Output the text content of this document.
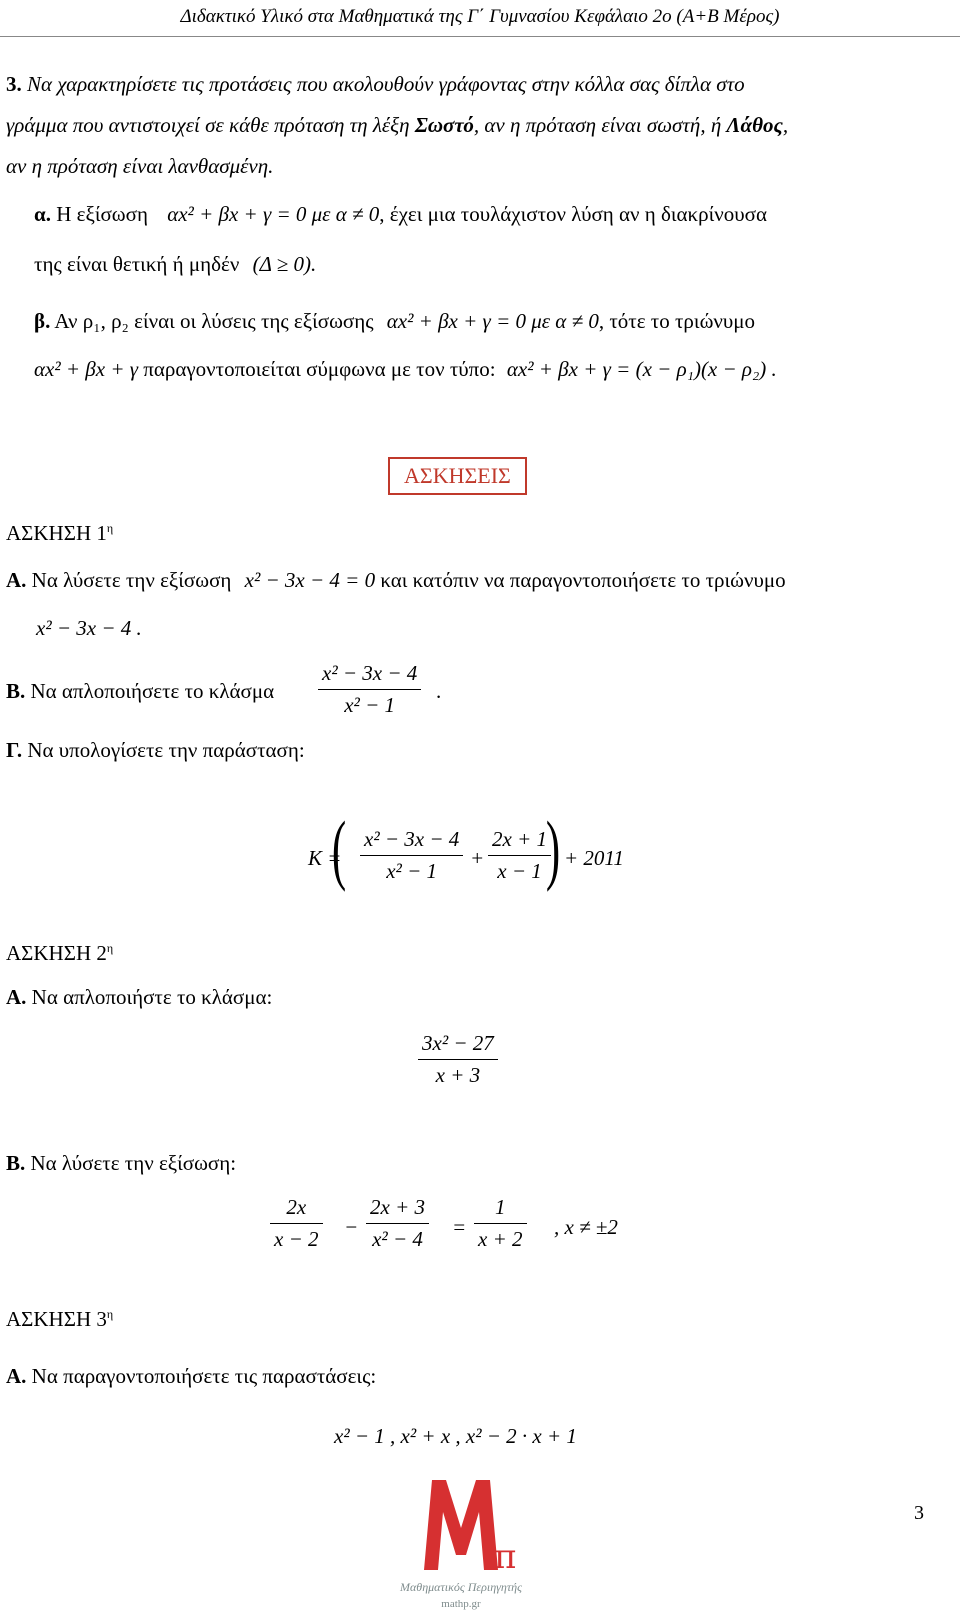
Διδακτικό Υλικό στα Μαθηματικά της Γ΄ Γυμνασίου Κεφάλαιο 2ο (Α+Β Μέρος)
3. Να χαρακτηρίσετε τις προτάσεις που ακολουθούν γράφοντας στην κόλλα σας δίπλα στο
γράμμα που αντιστοιχεί σε κάθε πρόταση τη λέξη Σωστό, αν η πρόταση είναι σωστή, ή Λάθος,
αν η πρόταση είναι λανθασμένη.
α. Η εξίσωση αx² + βx + γ = 0 με α ≠ 0, έχει μια τουλάχιστον λύση αν η διακρίνουσα
της είναι θετική ή μηδέν (Δ ≥ 0).
β. Αν ρ₁, ρ₂ είναι οι λύσεις της εξίσωσης αx² + βx + γ = 0 με α ≠ 0, τότε το τριώνυμο
αx² + βx + γ παραγοντοποιείται σύμφωνα με τον τύπο: αx² + βx + γ = (x − ρ₁)(x − ρ₂) .
ΑΣΚΗΣΕΙΣ
ΑΣΚΗΣΗ $1^\eta$
Α. Να λύσετε την εξίσωση x² − 3x − 4 = 0 και κατόπιν να παραγοντοποιήσετε το τριώνυμο
x² − 3x − 4 .
Β. Να απλοποιήσετε το κλάσμα
x² − 3x − 4
x² − 1
.
Γ. Να υπολογίσετε την παράσταση:
K =
( x² − 3x − 4
x² − 1
+
2x + 1
x − 1 ) + 2011
ΑΣΚΗΣΗ $2^\eta$
Α. Να απλοποιήστε το κλάσμα:
3x² − 27
x + 3
Β. Να λύσετε την εξίσωση:
2x
x − 2 −
2x + 3
x² − 4 =
1
x + 2 , x ≠ ±2
ΑΣΚΗΣΗ $3^\eta$
Α. Να παραγοντοποιήσετε τις παραστάσεις:
x² − 1 , x² + x , x² − 2 · x + 1
3
π
Μαθηματικός Περιηγητής
mathp.gr
